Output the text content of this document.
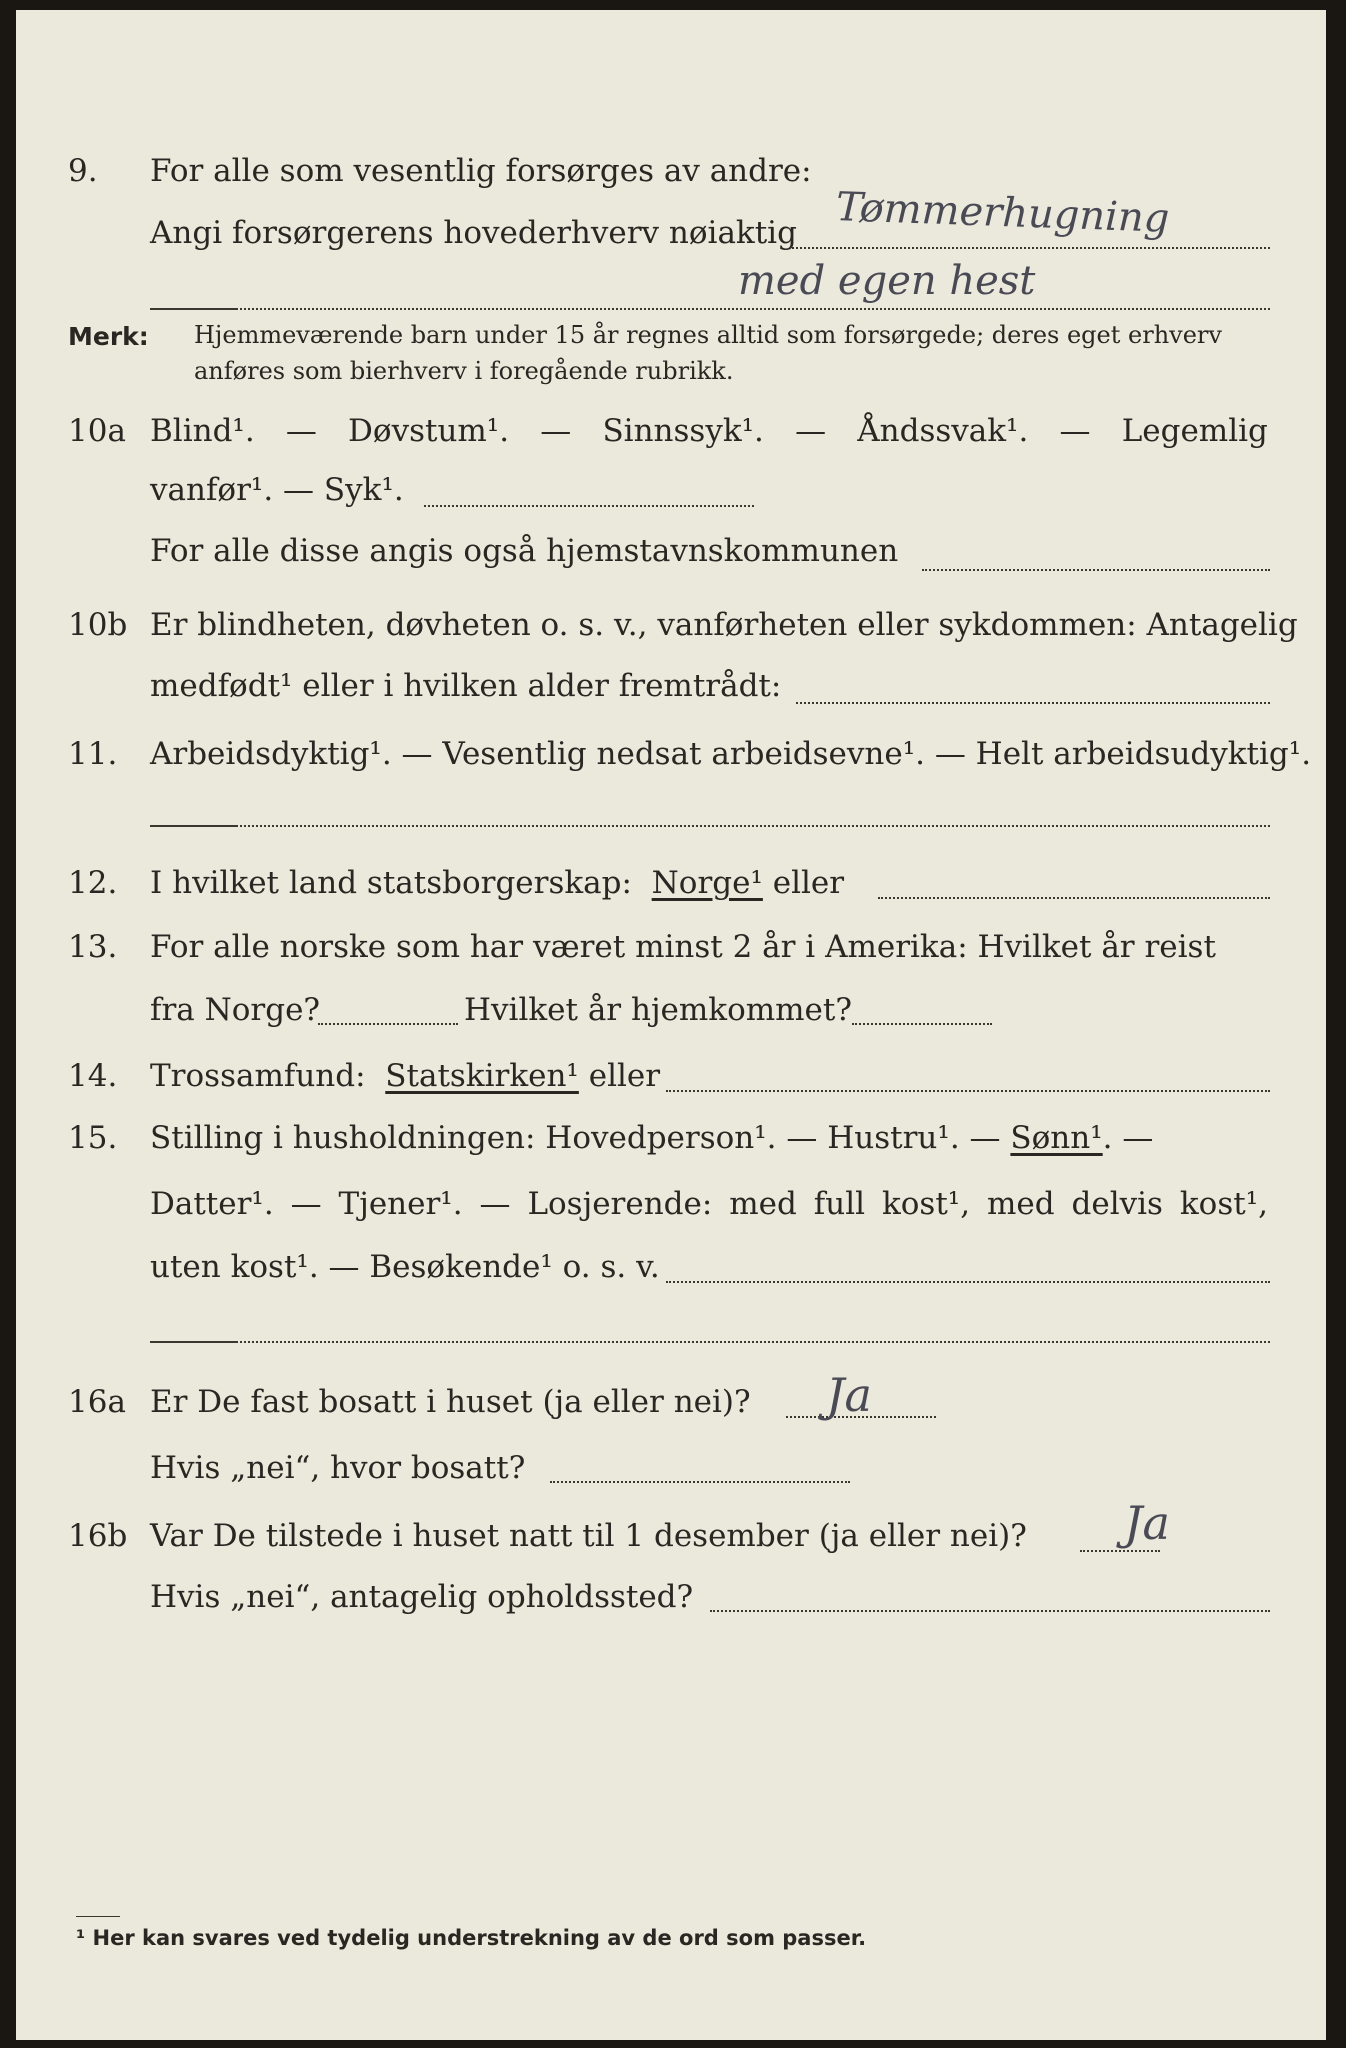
9. For alle som vesentlig forsørges av andre:
Angi forsørgerens hovederhverv nøiaktig Tømmerhugning
med egen hest
Merk: Hjemmeværende barn under 15 år regnes alltid som forsørgede; deres eget erhverv
anføres som bierhverv i foregående rubrikk.
10a Blind¹. — Døvstum¹. — Sinnssyk¹. — Åndssvak¹. — Legemlig
vanfør¹. — Syk¹.
For alle disse angis også hjemstavnskommunen
10b Er blindheten, døvheten o. s. v., vanførheten eller sykdommen: Antagelig
medfødt¹ eller i hvilken alder fremtrådt:
11. Arbeidsdyktig¹. — Vesentlig nedsat arbeidsevne¹. — Helt arbeidsudyktig¹.
12. I hvilket land statsborgerskap: Norge¹ eller
13. For alle norske som har været minst 2 år i Amerika: Hvilket år reist
fra Norge?	Hvilket år hjemkommet?
14. Trossamfund: Statskirken¹ eller
15. Stilling i husholdningen: Hovedperson¹. — Hustru¹. — Sønn¹. —
Datter¹. — Tjener¹. — Losjerende: med full kost¹, med delvis kost¹,
uten kost¹. — Besøkende¹ o. s. v.
16a Er De fast bosatt i huset (ja eller nei)? Ja
Hvis „nei“, hvor bosatt?
16b Var De tilstede i huset natt til 1 desember (ja eller nei)? Ja
Hvis „nei“, antagelig opholdssted?
¹ Her kan svares ved tydelig understrekning av de ord som passer.
